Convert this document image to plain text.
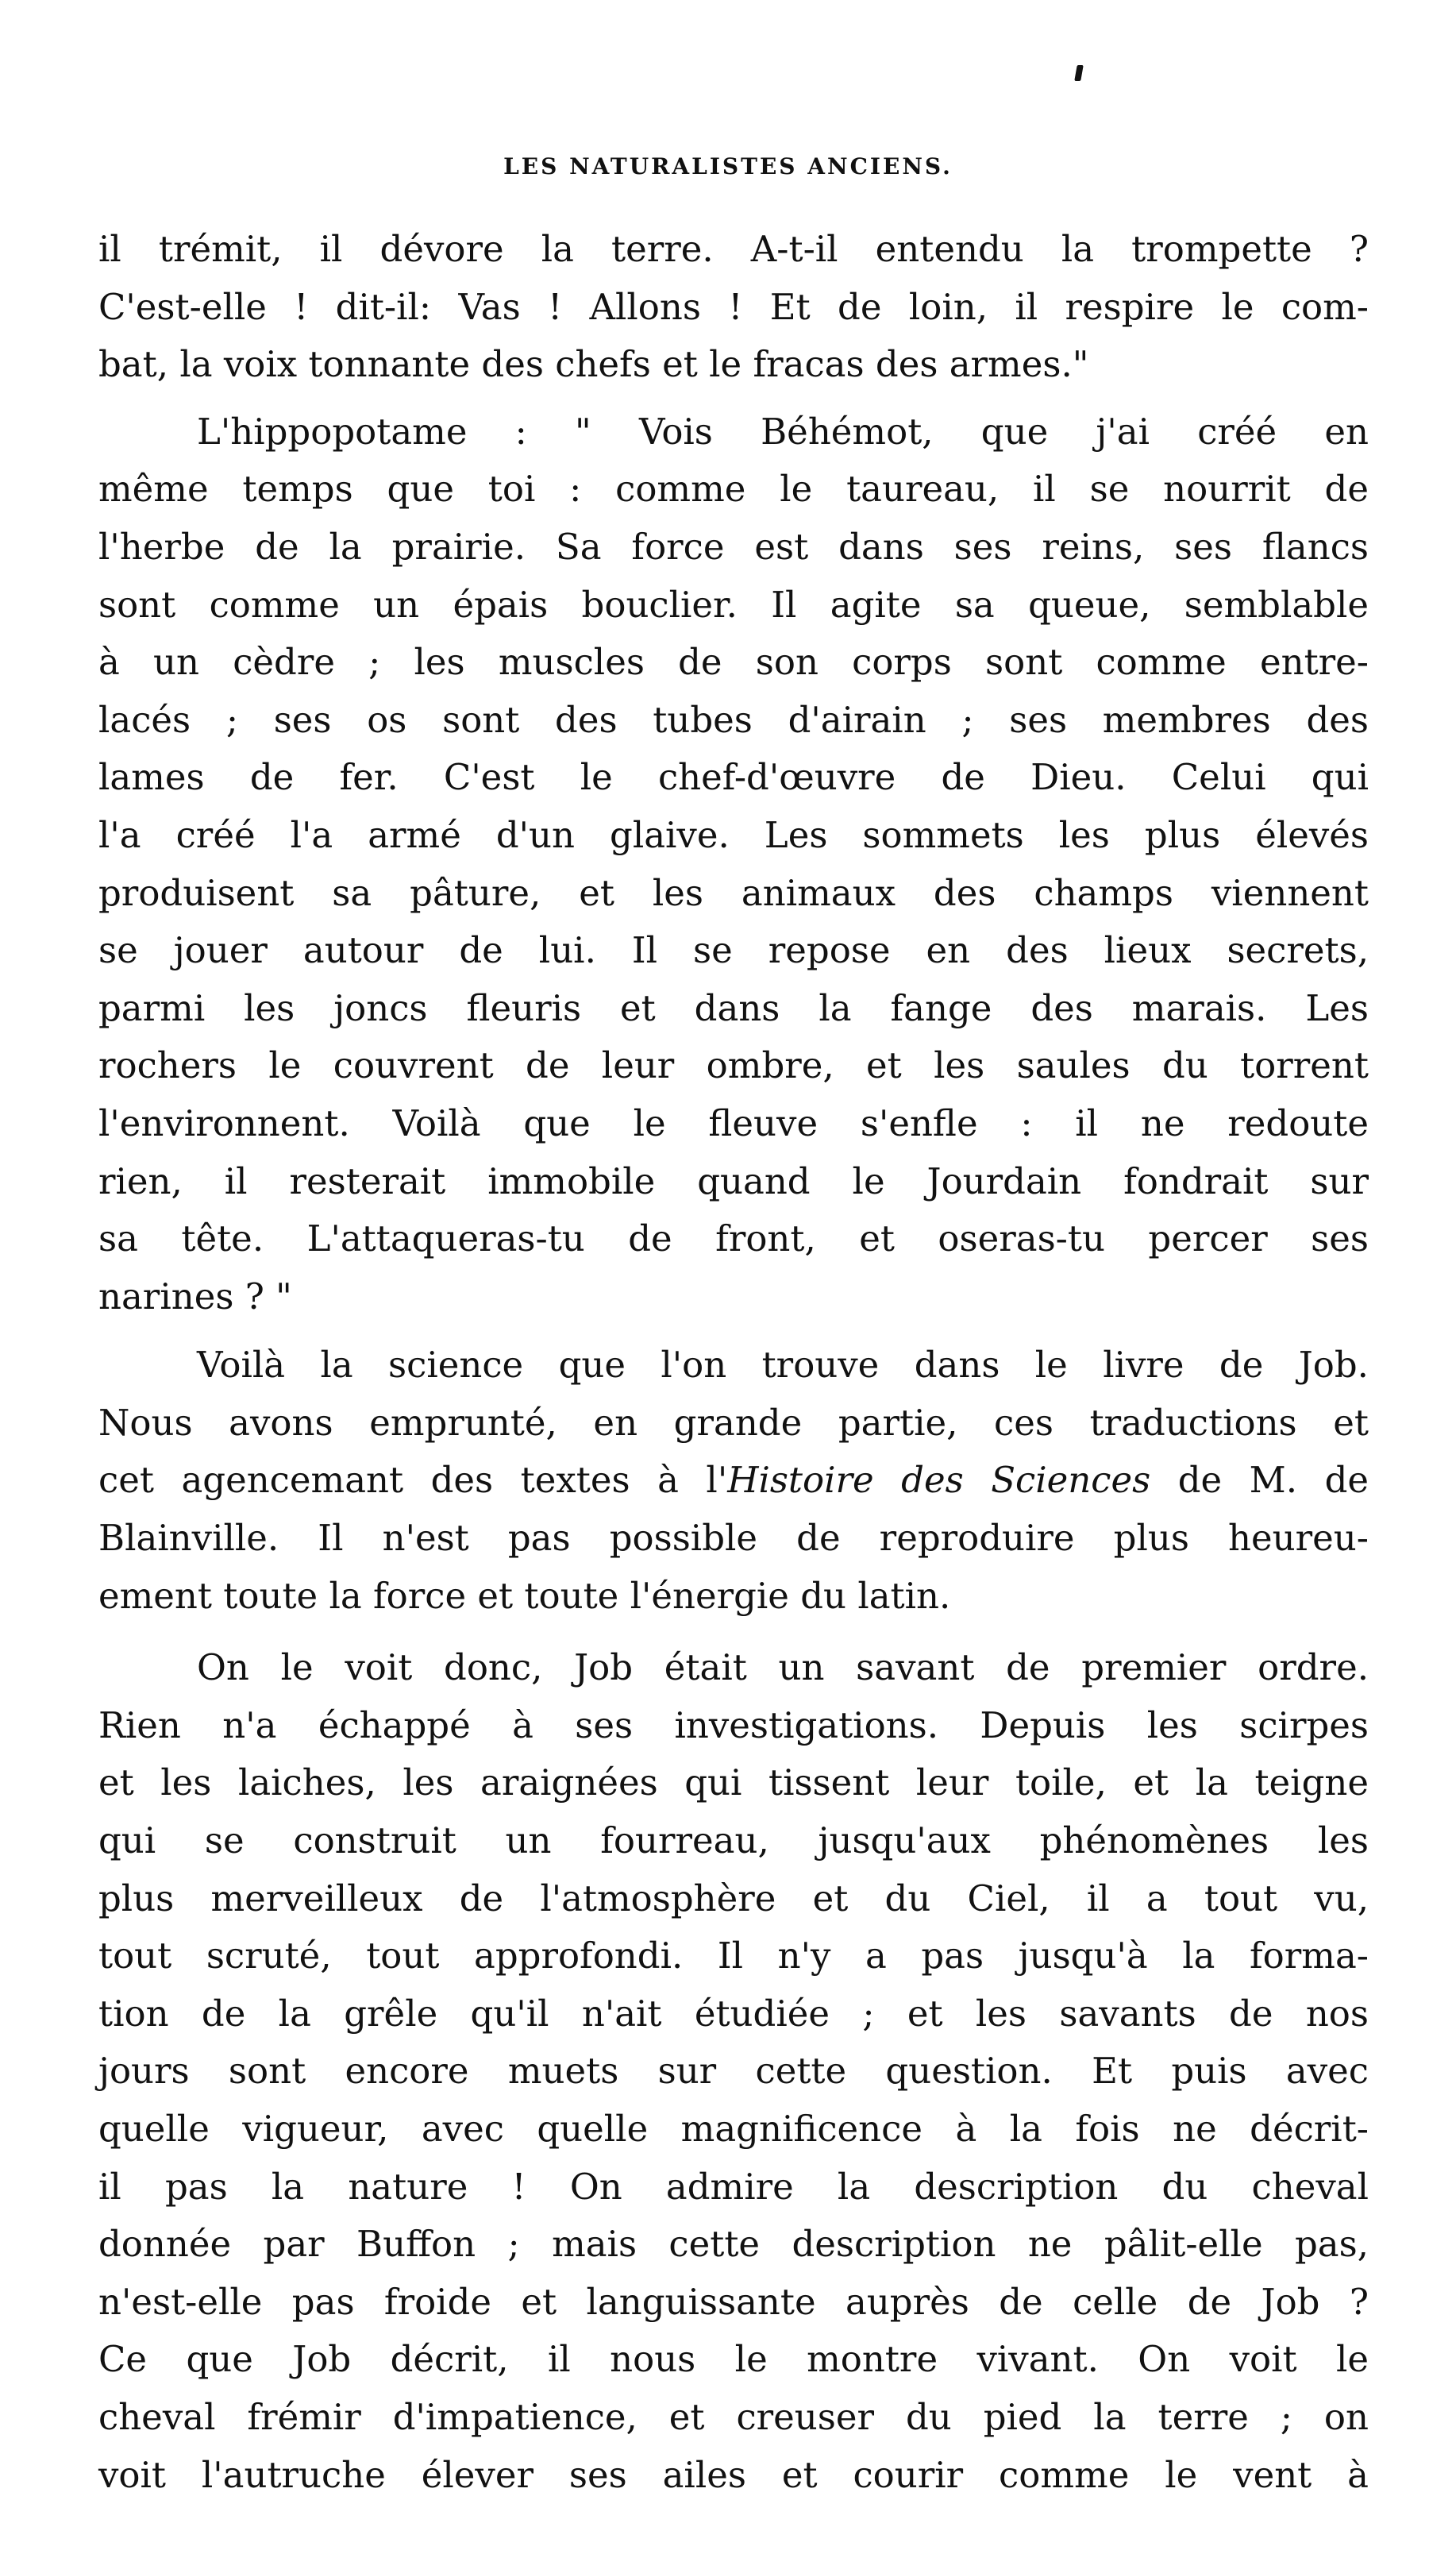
LES NATURALISTES ANCIENS.
il trémit, il dévore la terre. A-t-il entendu la trompette ?
C'est-elle ! dit-il: Vas ! Allons ! Et de loin, il respire le com-
bat, la voix tonnante des chefs et le fracas des armes."
L'hippopotame : " Vois Béhémot, que j'ai créé en
même temps que toi : comme le taureau, il se nourrit de
l'herbe de la prairie. Sa force est dans ses reins, ses flancs
sont comme un épais bouclier. Il agite sa queue, semblable
à un cèdre ; les muscles de son corps sont comme entre-
lacés ; ses os sont des tubes d'airain ; ses membres des
lames de fer. C'est le chef-d'œuvre de Dieu. Celui qui
l'a créé l'a armé d'un glaive. Les sommets les plus élevés
produisent sa pâture, et les animaux des champs viennent
se jouer autour de lui. Il se repose en des lieux secrets,
parmi les joncs fleuris et dans la fange des marais. Les
rochers le couvrent de leur ombre, et les saules du torrent
l'environnent. Voilà que le fleuve s'enfle : il ne redoute
rien, il resterait immobile quand le Jourdain fondrait sur
sa tête. L'attaqueras-tu de front, et oseras-tu percer ses
narines ? "
Voilà la science que l'on trouve dans le livre de Job.
Nous avons emprunté, en grande partie, ces traductions et
cet agencemant des textes à l'Histoire des Sciences de M. de
Blainville. Il n'est pas possible de reproduire plus heureu-
ement toute la force et toute l'énergie du latin.
On le voit donc, Job était un savant de premier ordre.
Rien n'a échappé à ses investigations. Depuis les scirpes
et les laiches, les araignées qui tissent leur toile, et la teigne
qui se construit un fourreau, jusqu'aux phénomènes les
plus merveilleux de l'atmosphère et du Ciel, il a tout vu,
tout scruté, tout approfondi. Il n'y a pas jusqu'à la forma-
tion de la grêle qu'il n'ait étudiée ; et les savants de nos
jours sont encore muets sur cette question. Et puis avec
quelle vigueur, avec quelle magnificence à la fois ne décrit-
il pas la nature ! On admire la description du cheval
donnée par Buffon ; mais cette description ne pâlit-elle pas,
n'est-elle pas froide et languissante auprès de celle de Job ?
Ce que Job décrit, il nous le montre vivant. On voit le
cheval frémir d'impatience, et creuser du pied la terre ; on
voit l'autruche élever ses ailes et courir comme le vent à
